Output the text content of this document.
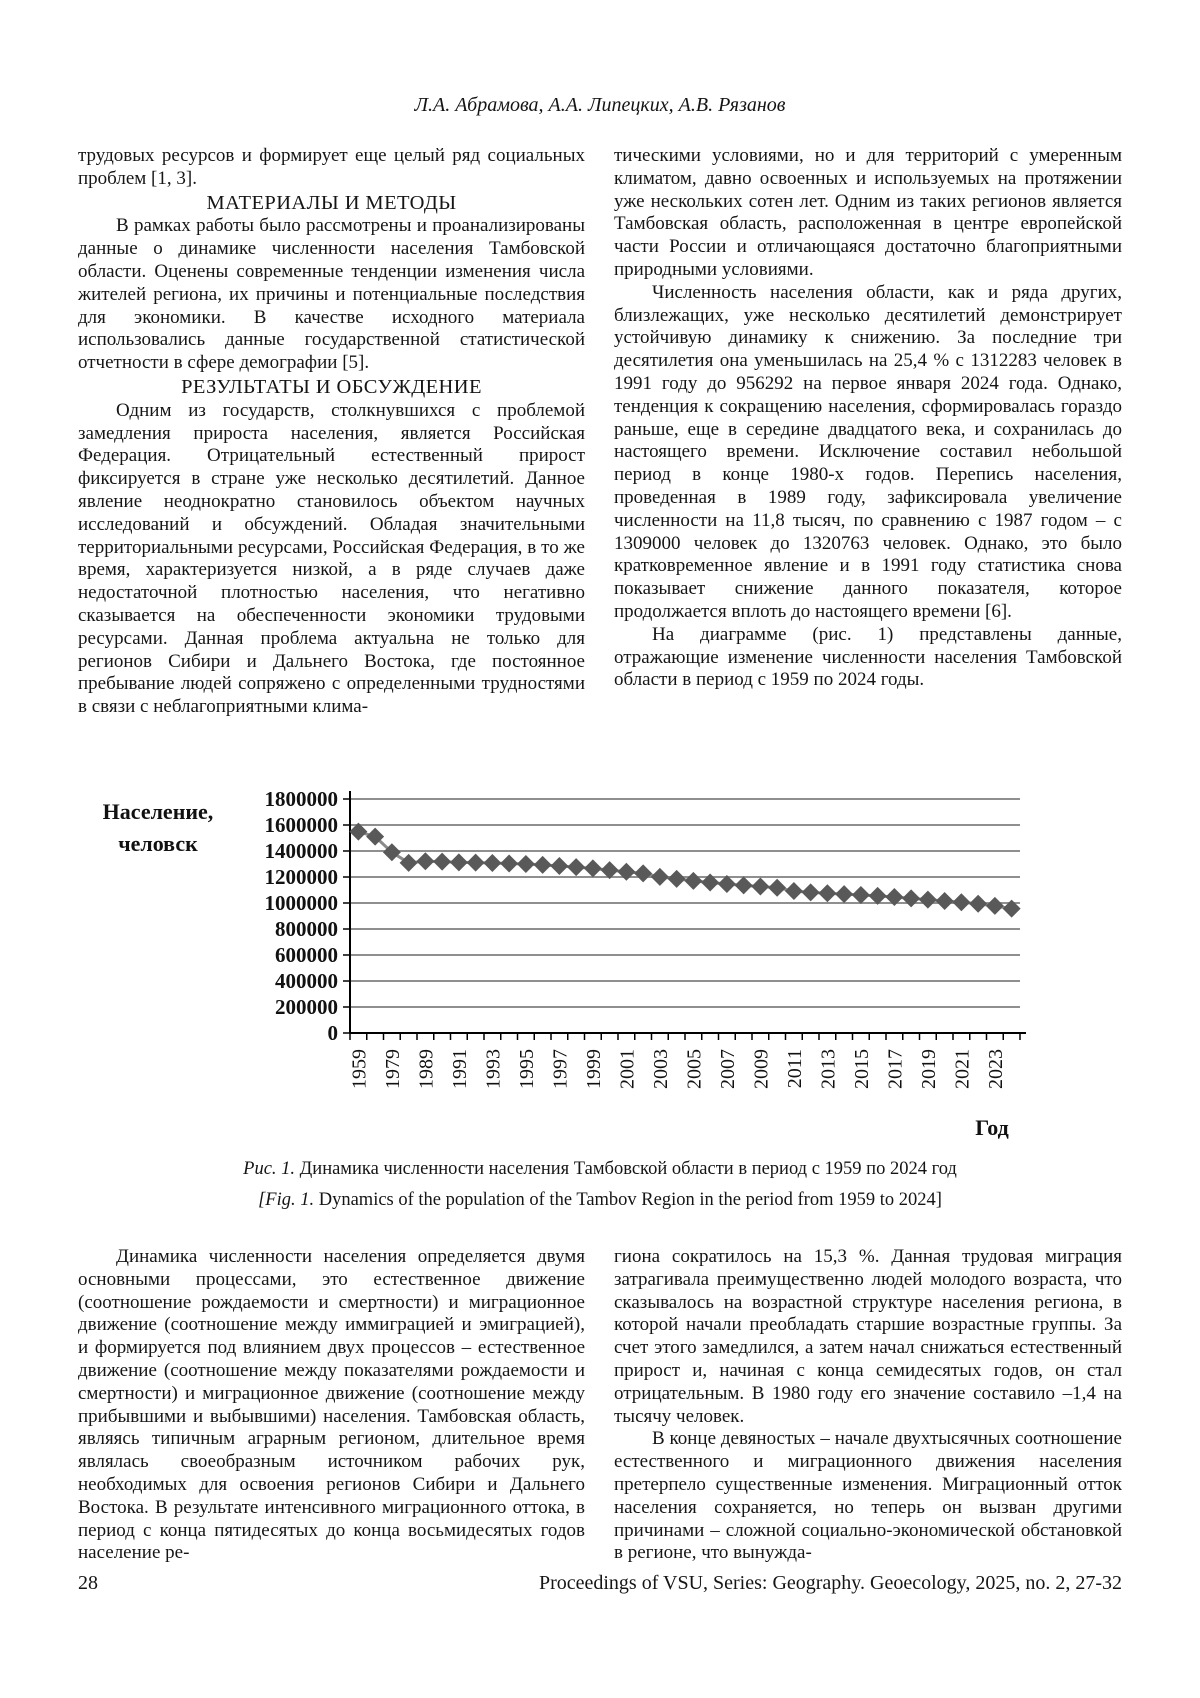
Л.А. Абрамова, А.А. Липецких, А.В. Рязанов

трудовых ресурсов и формирует еще целый ряд социальных проблем [1, 3].

МАТЕРИАЛЫ И МЕТОДЫ

В рамках работы было рассмотрены и проанализированы данные о динамике численности населения Тамбовской области. Оценены современные тенденции изменения числа жителей региона, их причины и потенциальные последствия для экономики. В качестве исходного материала использовались данные государственной статистической отчетности в сфере демографии [5].

РЕЗУЛЬТАТЫ И ОБСУЖДЕНИЕ

Одним из государств, столкнувшихся с проблемой замедления прироста населения, является Российская Федерация. Отрицательный естественный прирост фиксируется в стране уже несколько десятилетий. Данное явление неоднократно становилось объектом научных исследований и обсуждений. Обладая значительными территориальными ресурсами, Российская Федерация, в то же время, характеризуется низкой, а в ряде случаев даже недостаточной плотностью населения, что негативно сказывается на обеспеченности экономики трудовыми ресурсами. Данная проблема актуальна не только для регионов Сибири и Дальнего Востока, где постоянное пребывание людей сопряжено с определенными трудностями в связи с неблагоприятными клима-

тическими условиями, но и для территорий с умеренным климатом, давно освоенных и используемых на протяжении уже нескольких сотен лет. Одним из таких регионов является Тамбовская область, расположенная в центре европейской части России и отличающаяся достаточно благоприятными природными условиями.

Численность населения области, как и ряда других, близлежащих, уже несколько десятилетий демонстрирует устойчивую динамику к снижению. За последние три десятилетия она уменьшилась на 25,4 % с 1312283 человек в 1991 году до 956292 на первое января 2024 года. Однако, тенденция к сокращению населения, сформировалась гораздо раньше, еще в середине двадцатого века, и сохранилась до настоящего времени. Исключение составил небольшой период в конце 1980-х годов. Перепись населения, проведенная в 1989 году, зафиксировала увеличение численности на 11,8 тысяч, по сравнению с 1987 годом – с 1309000 человек до 1320763 человек. Однако, это было кратковременное явление и в 1991 году статистика снова показывает снижение данного показателя, которое продолжается вплоть до настоящего времени [6].

На диаграмме (рис. 1) представлены данные, отражающие изменение численности населения Тамбовской области в период с 1959 по 2024 годы.

0
200000
400000
600000
800000
1000000
1200000
1400000
1600000
1800000
1959 1979 1989 1991 1993 1995 1997 1999 2001 2003 2005 2007 2009 2011 2013 2015 2017 2019 2021 2023
Население,
человск
Год
Рис. 1. Динамика численности населения Тамбовской области в период с 1959 по 2024 год
[Fig. 1. Dynamics of the population of the Tambov Region in the period from 1959 to 2024]

Динамика численности населения определяется двумя основными процессами, это естественное движение (соотношение рождаемости и смертности) и миграционное движение (соотношение между иммиграцией и эмиграцией), и формируется под влиянием двух процессов – естественное движение (соотношение между показателями рождаемости и смертности) и миграционное движение (соотношение между прибывшими и выбывшими) населения. Тамбовская область, являясь типичным аграрным регионом, длительное время являлась своеобразным источником рабочих рук, необходимых для освоения регионов Сибири и Дальнего Востока. В результате интенсивного миграционного оттока, в период с конца пятидесятых до конца восьмидесятых годов население ре-

гиона сократилось на 15,3 %. Данная трудовая миграция затрагивала преимущественно людей молодого возраста, что сказывалось на возрастной структуре населения региона, в которой начали преобладать старшие возрастные группы. За счет этого замедлился, а затем начал снижаться естественный прирост и, начиная с конца семидесятых годов, он стал отрицательным. В 1980 году его значение составило –1,4 на тысячу человек.

В конце девяностых – начале двухтысячных соотношение естественного и миграционного движения населения претерпело существенные изменения. Миграционный отток населения сохраняется, но теперь он вызван другими причинами – сложной социально-экономической обстановкой в регионе, что вынужда-

28	Proceedings of VSU, Series: Geography. Geoecology, 2025, no. 2, 27-32
